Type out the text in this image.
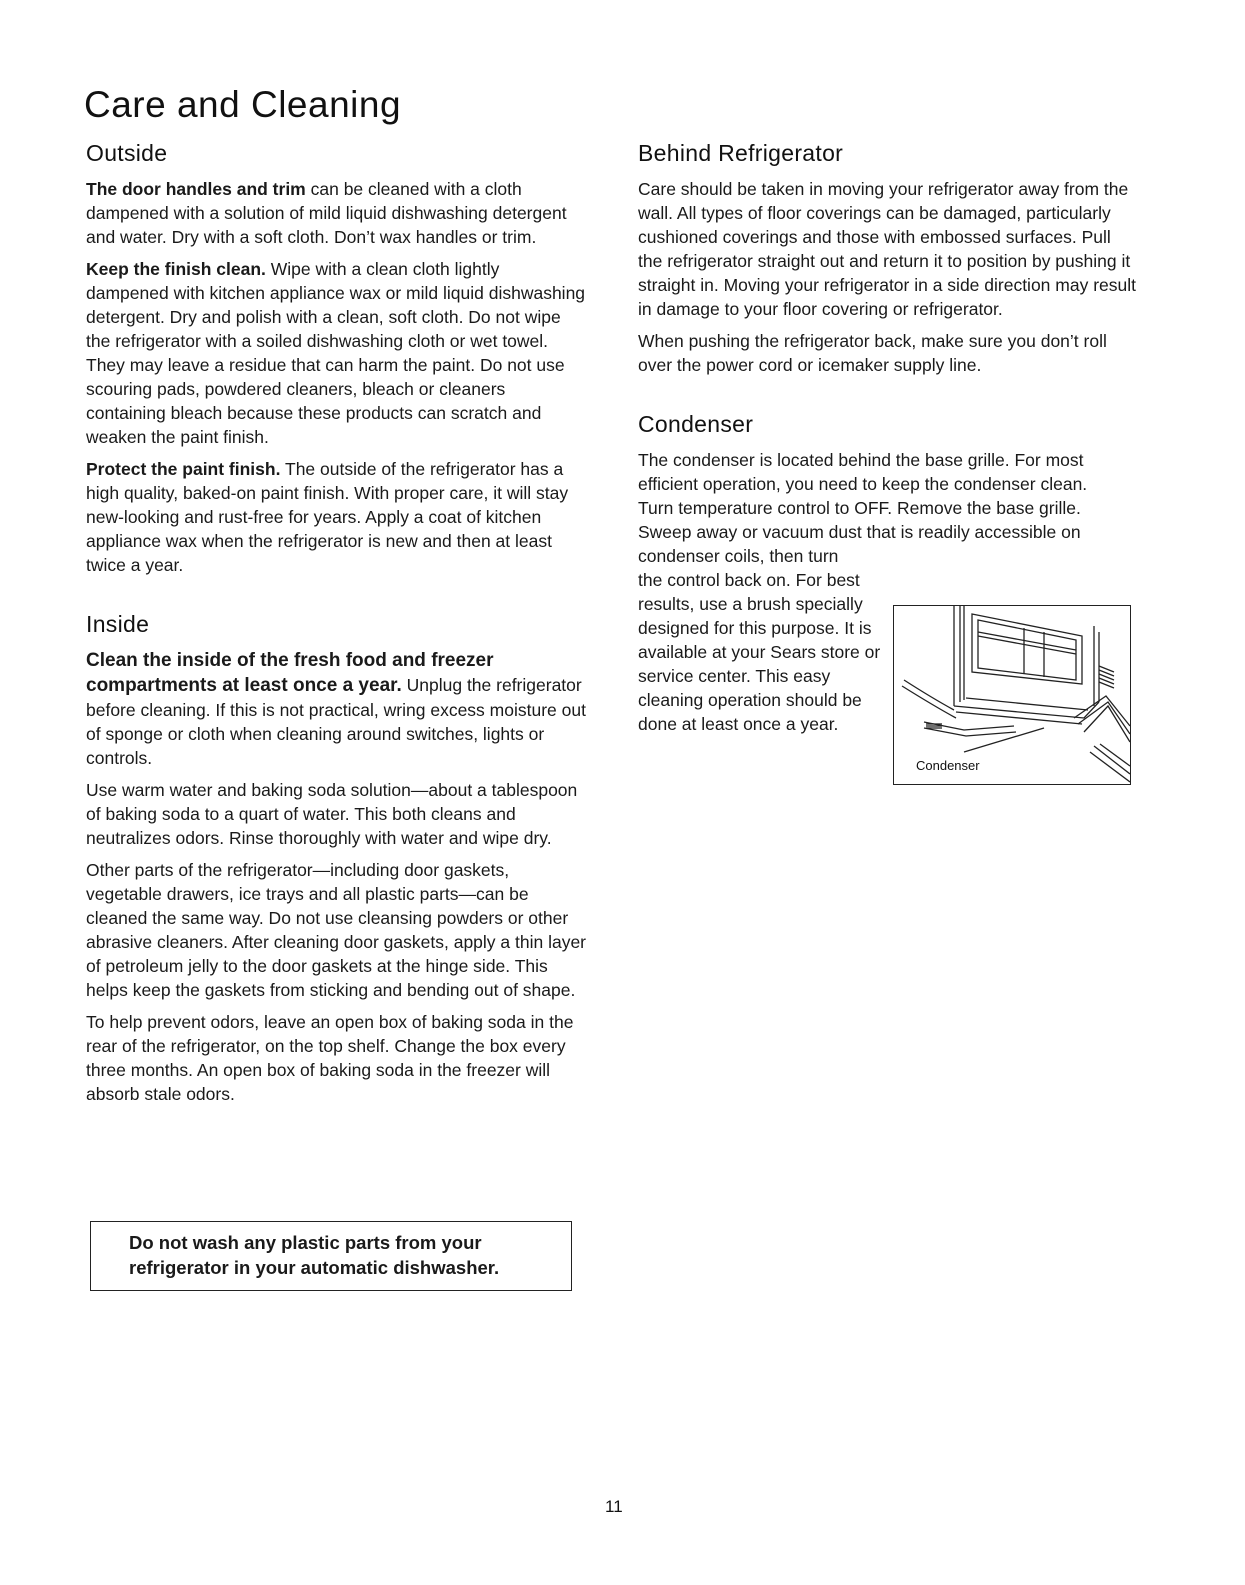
Care and Cleaning
Outside

The door handles and trim can be cleaned with a cloth dampened with a solution of mild liquid dishwashing detergent and water. Dry with a soft cloth. Don’t wax handles or trim.

Keep the finish clean. Wipe with a clean cloth lightly dampened with kitchen appliance wax or mild liquid dishwashing detergent. Dry and polish with a clean, soft cloth. Do not wipe the refrigerator with a soiled dishwashing cloth or wet towel. They may leave a residue that can harm the paint. Do not use scouring pads, powdered cleaners, bleach or cleaners containing bleach because these products can scratch and weaken the paint finish.

Protect the paint finish. The outside of the refrigerator has a high quality, baked-on paint finish. With proper care, it will stay new-looking and rust-free for years. Apply a coat of kitchen appliance wax when the refrigerator is new and then at least twice a year.

Inside

Clean the inside of the fresh food and freezer compartments at least once a year. Unplug the refrigerator before cleaning. If this is not practical, wring excess moisture out of sponge or cloth when cleaning around switches, lights or controls.

Use warm water and baking soda solution—about a tablespoon of baking soda to a quart of water. This both cleans and neutralizes odors. Rinse thoroughly with water and wipe dry.

Other parts of the refrigerator—including door gaskets, vegetable drawers, ice trays and all plastic parts—can be cleaned the same way. Do not use cleansing powders or other abrasive cleaners. After cleaning door gaskets, apply a thin layer of petroleum jelly to the door gaskets at the hinge side. This helps keep the gaskets from sticking and bending out of shape.

To help prevent odors, leave an open box of baking soda in the rear of the refrigerator, on the top shelf. Change the box every three months. An open box of baking soda in the freezer will absorb stale odors.

Do not wash any plastic parts from your refrigerator in your automatic dishwasher.
Behind Refrigerator

Care should be taken in moving your refrigerator away from the wall. All types of floor coverings can be damaged, particularly cushioned coverings and those with embossed surfaces. Pull the refrigerator straight out and return it to position by pushing it straight in. Moving your refrigerator in a side direction may result in damage to your floor covering or refrigerator.

When pushing the refrigerator back, make sure you don’t roll over the power cord or icemaker supply line.

Condenser

The condenser is located behind the base grille. For most efficient operation, you need to keep the condenser clean. Turn temperature control to OFF. Remove the base grille. Sweep away or vacuum dust that is readily accessible on condenser coils, then turn

the control back on. For best results, use a brush specially designed for this purpose. It is available at your Sears store or service center. This easy cleaning operation should be done at least once a year.

Condenser
11
